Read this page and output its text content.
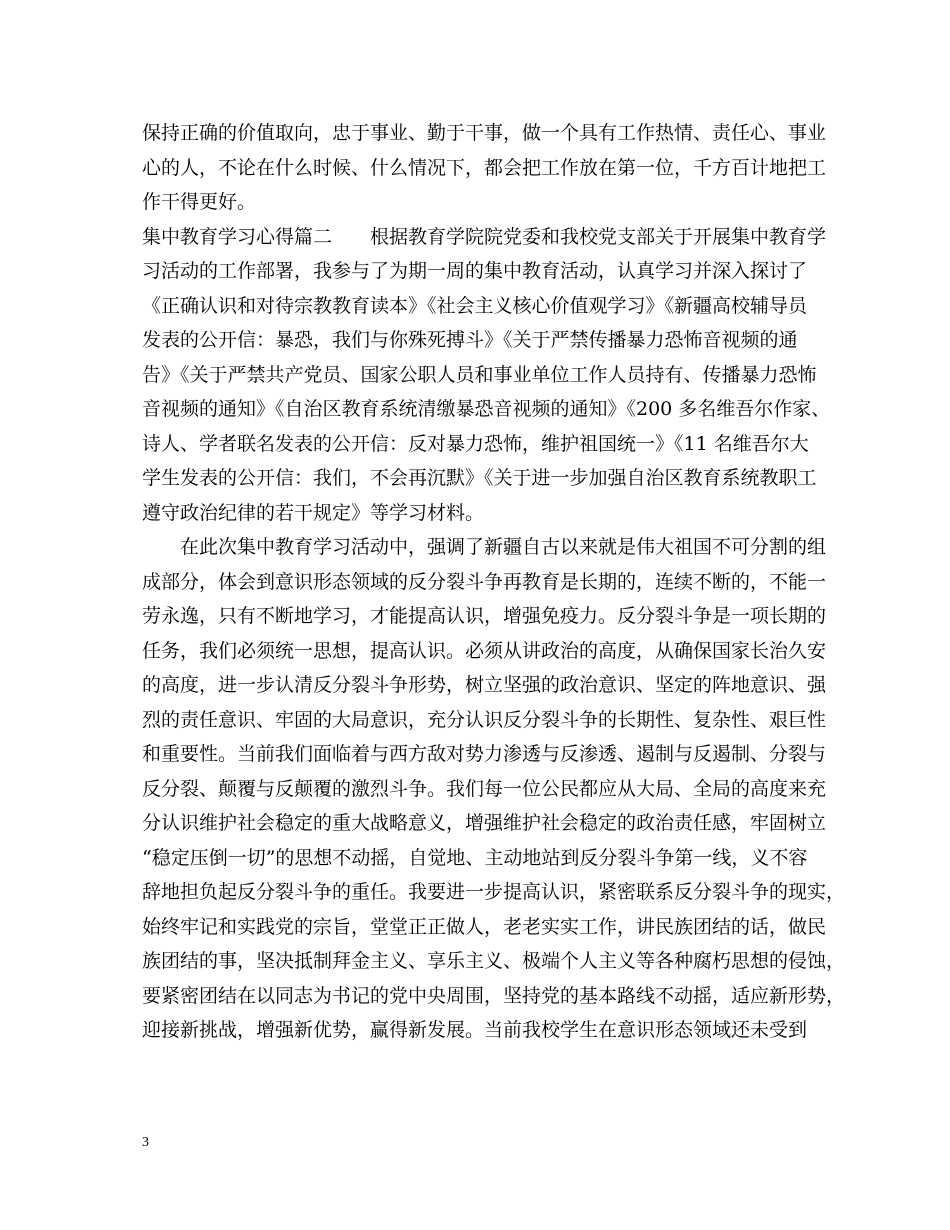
保持正确的价值取向，忠于事业、勤于干事，做一个具有工作热情、责任心、事业
心的人，不论在什么时候、什么情况下，都会把工作放在第一位，千方百计地把工
作干得更好。
集中教育学习心得篇二　　根据教育学院院党委和我校党支部关于开展集中教育学
习活动的工作部署，我参与了为期一周的集中教育活动，认真学习并深入探讨了
《正确认识和对待宗教教育读本》《社会主义核心价值观学习》《新疆高校辅导员
发表的公开信：暴恐，我们与你殊死搏斗》《关于严禁传播暴力恐怖音视频的通
告》《关于严禁共产党员、国家公职人员和事业单位工作人员持有、传播暴力恐怖
音视频的通知》《自治区教育系统清缴暴恐音视频的通知》《200 多名维吾尔作家、
诗人、学者联名发表的公开信：反对暴力恐怖，维护祖国统一》《11 名维吾尔大
学生发表的公开信：我们，不会再沉默》《关于进一步加强自治区教育系统教职工
遵守政治纪律的若干规定》等学习材料。
　　在此次集中教育学习活动中，强调了新疆自古以来就是伟大祖国不可分割的组
成部分，体会到意识形态领域的反分裂斗争再教育是长期的，连续不断的，不能一
劳永逸，只有不断地学习，才能提高认识，增强免疫力。反分裂斗争是一项长期的
任务，我们必须统一思想，提高认识。必须从讲政治的高度，从确保国家长治久安
的高度，进一步认清反分裂斗争形势，树立坚强的政治意识、坚定的阵地意识、强
烈的责任意识、牢固的大局意识，充分认识反分裂斗争的长期性、复杂性、艰巨性
和重要性。当前我们面临着与西方敌对势力渗透与反渗透、遏制与反遏制、分裂与
反分裂、颠覆与反颠覆的激烈斗争。我们每一位公民都应从大局、全局的高度来充
分认识维护社会稳定的重大战略意义，增强维护社会稳定的政治责任感，牢固树立
“稳定压倒一切”的思想不动摇，自觉地、主动地站到反分裂斗争第一线，义不容
辞地担负起反分裂斗争的重任。我要进一步提高认识，紧密联系反分裂斗争的现实，
始终牢记和实践党的宗旨，堂堂正正做人，老老实实工作，讲民族团结的话，做民
族团结的事，坚决抵制拜金主义、享乐主义、极端个人主义等各种腐朽思想的侵蚀，
要紧密团结在以同志为书记的党中央周围，坚持党的基本路线不动摇，适应新形势，
迎接新挑战，增强新优势，赢得新发展。当前我校学生在意识形态领域还未受到
3
